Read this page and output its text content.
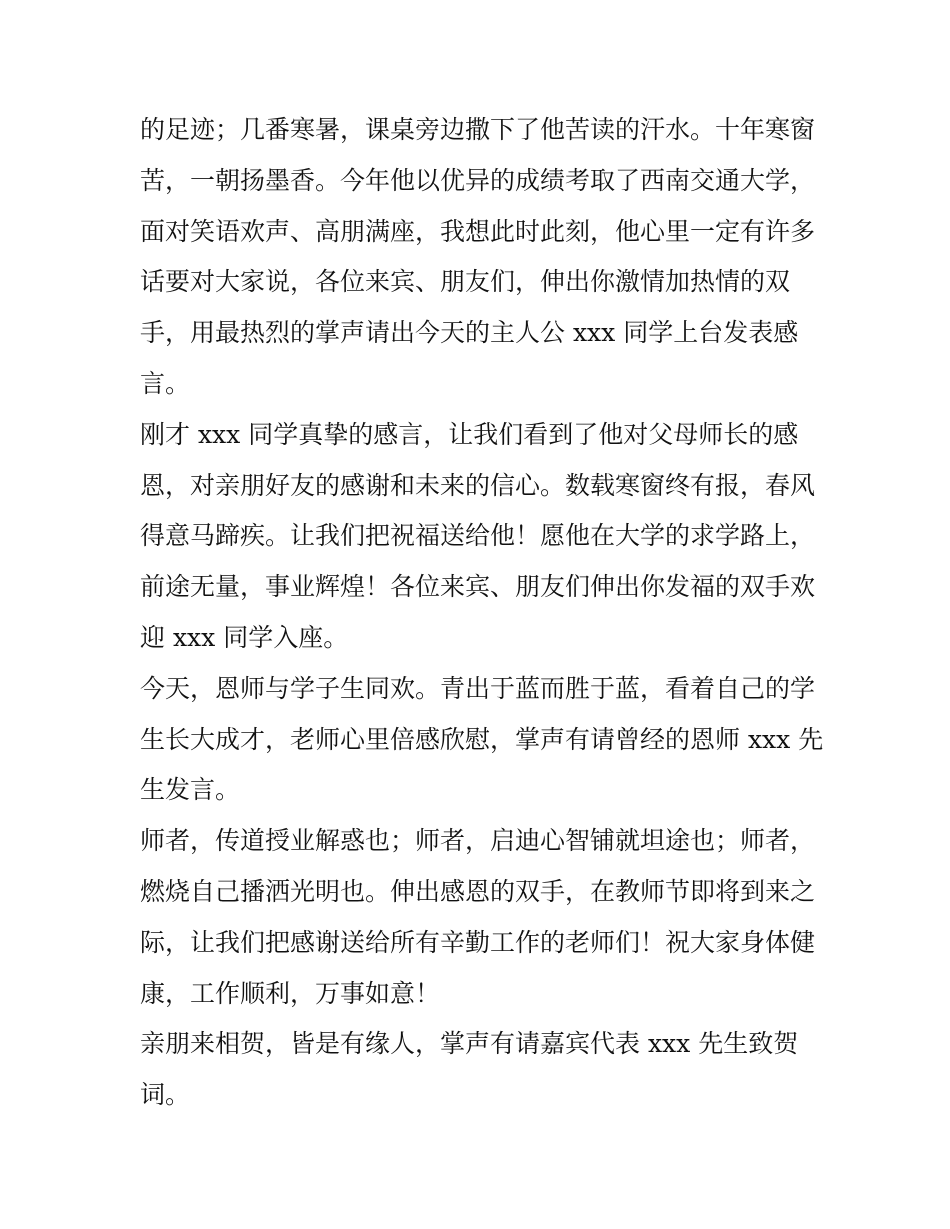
的足迹；几番寒暑，课桌旁边撒下了他苦读的汗水。十年寒窗
苦，一朝扬墨香。今年他以优异的成绩考取了西南交通大学，
面对笑语欢声、高朋满座，我想此时此刻，他心里一定有许多
话要对大家说，各位来宾、朋友们，伸出你激情加热情的双
手，用最热烈的掌声请出今天的主人公 xxx 同学上台发表感
言。

刚才 xxx 同学真挚的感言，让我们看到了他对父母师长的感
恩，对亲朋好友的感谢和未来的信心。数载寒窗终有报，春风
得意马蹄疾。让我们把祝福送给他！愿他在大学的求学路上，
前途无量，事业辉煌！各位来宾、朋友们伸出你发福的双手欢
迎 xxx 同学入座。

今天，恩师与学子生同欢。青出于蓝而胜于蓝，看着自己的学
生长大成才，老师心里倍感欣慰，掌声有请曾经的恩师 xxx 先
生发言。

师者，传道授业解惑也；师者，启迪心智铺就坦途也；师者，
燃烧自己播洒光明也。伸出感恩的双手，在教师节即将到来之
际，让我们把感谢送给所有辛勤工作的老师们！祝大家身体健
康，工作顺利，万事如意！

亲朋来相贺，皆是有缘人，掌声有请嘉宾代表 xxx 先生致贺
词。
